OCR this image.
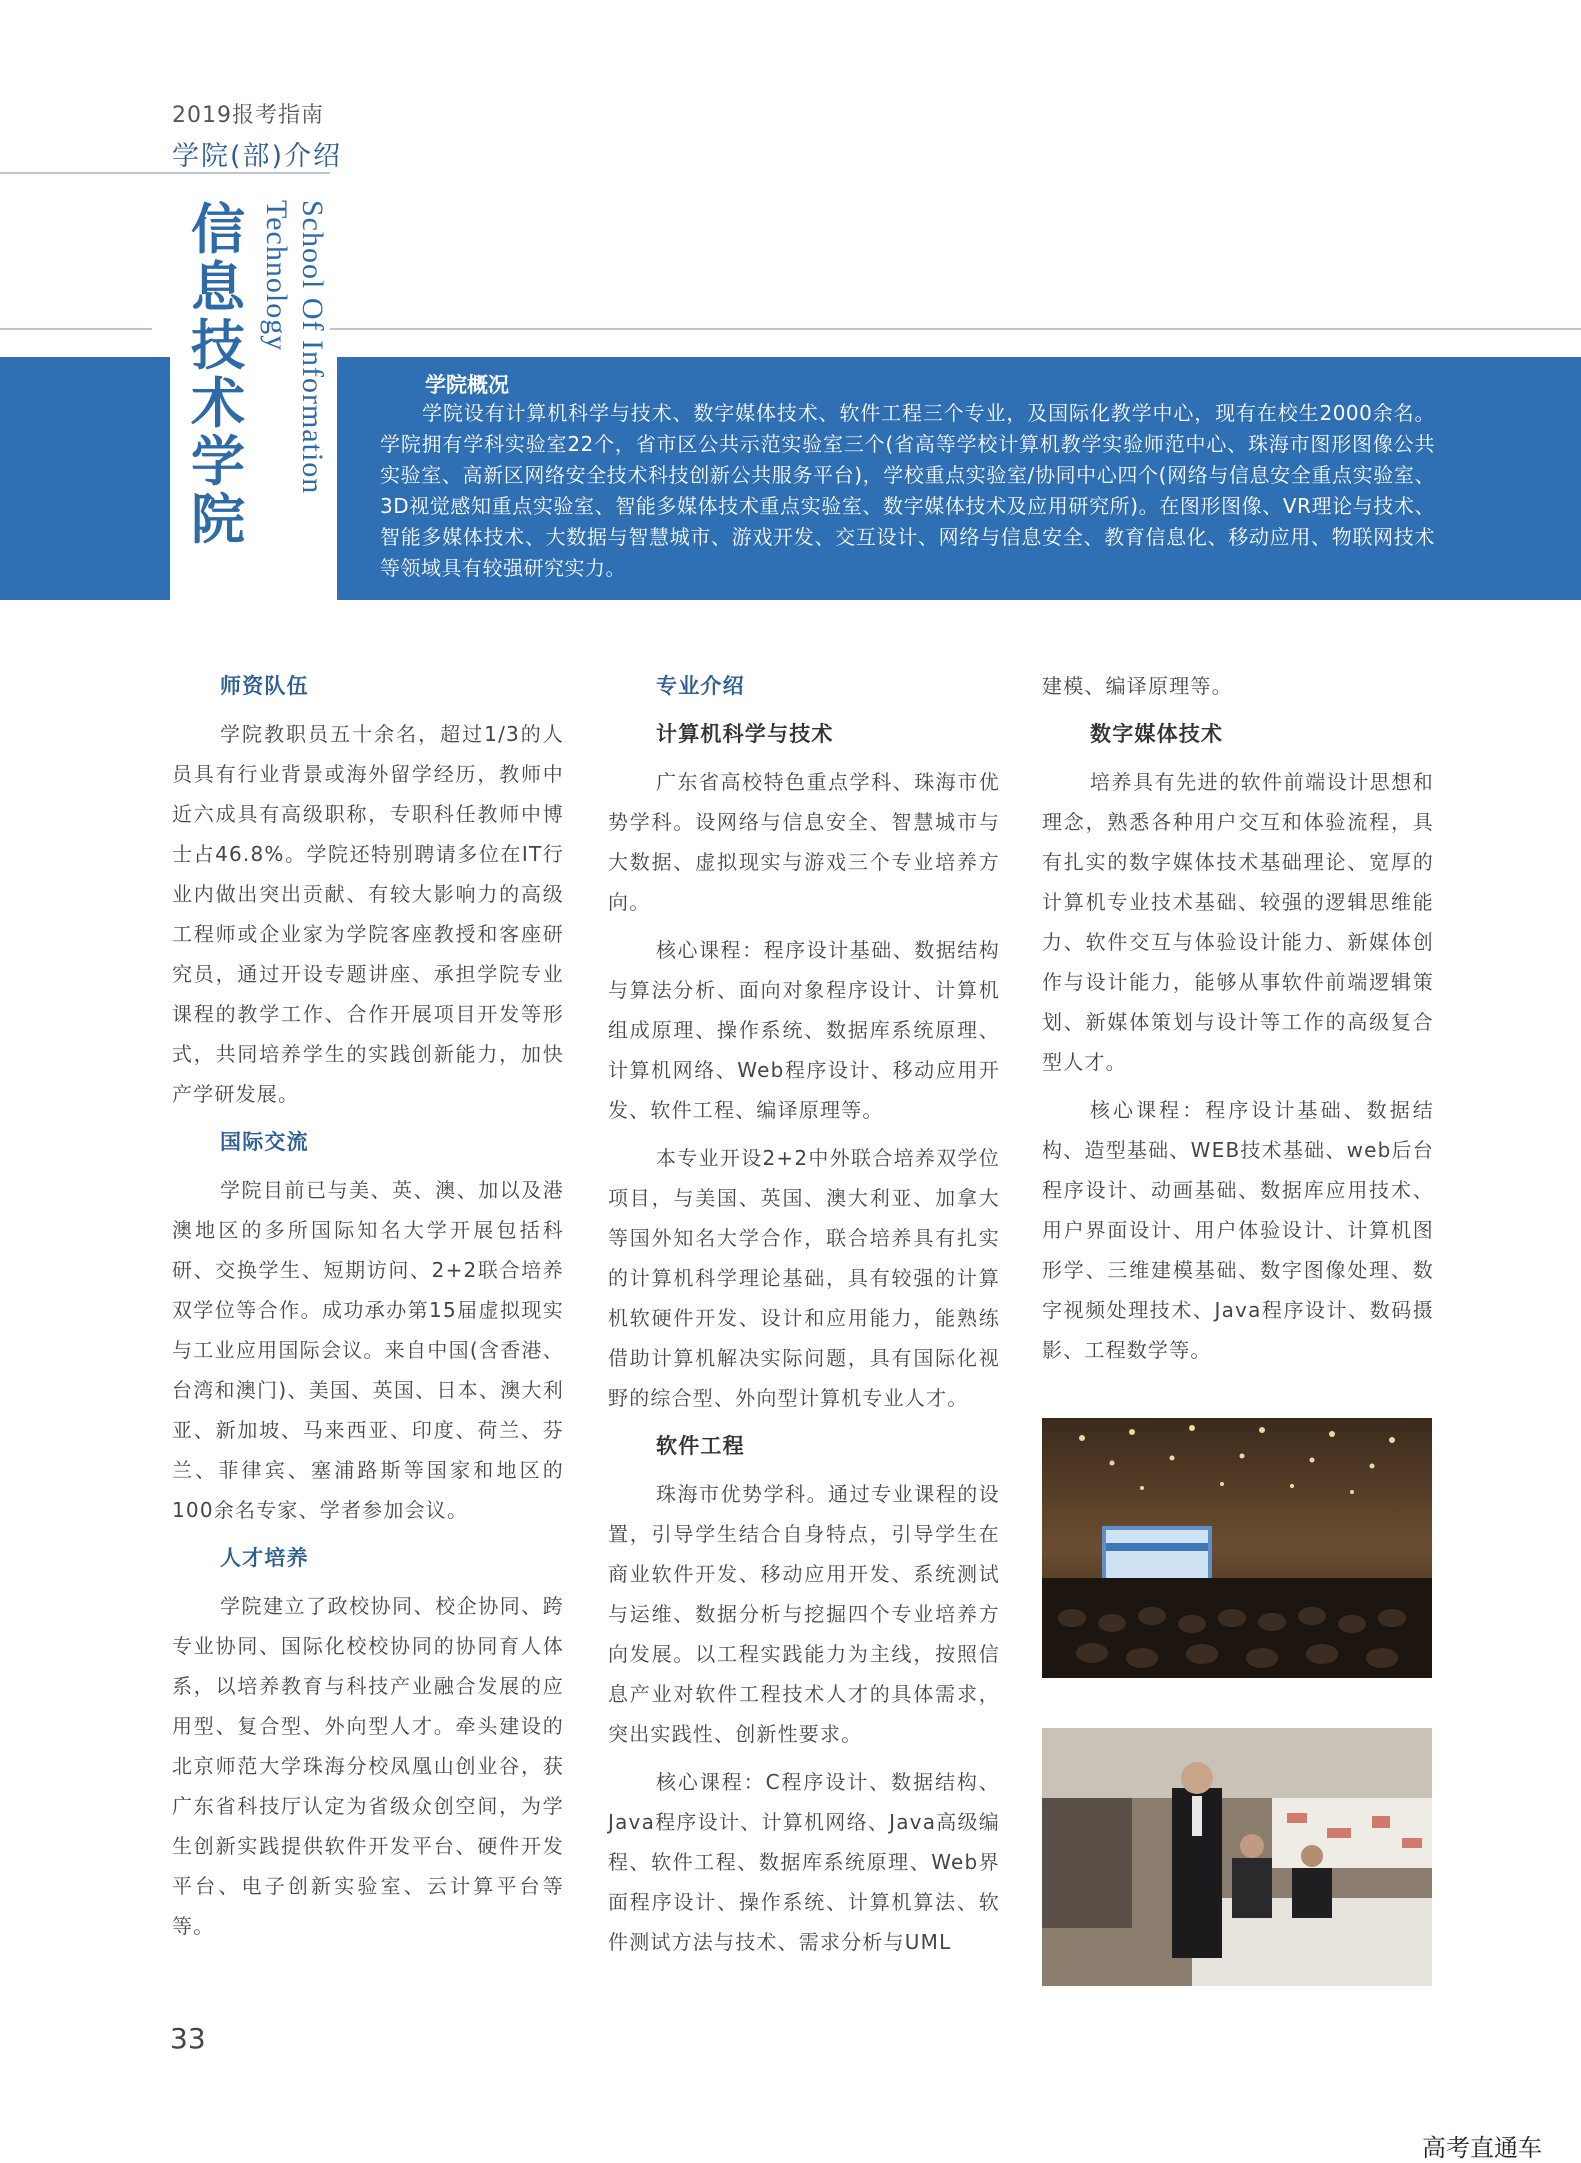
2019报考指南
学院(部)介绍
信息技术学院
School Of Information Technology
学院概况
学院设有计算机科学与技术、数字媒体技术、软件工程三个专业，及国际化教学中心，现有在校生2000余名。学院拥有学科实验室22个，省市区公共示范实验室三个(省高等学校计算机教学实验师范中心、珠海市图形图像公共实验室、高新区网络安全技术科技创新公共服务平台)，学校重点实验室/协同中心四个(网络与信息安全重点实验室、3D视觉感知重点实验室、智能多媒体技术重点实验室、数字媒体技术及应用研究所)。在图形图像、VR理论与技术、智能多媒体技术、大数据与智慧城市、游戏开发、交互设计、网络与信息安全、教育信息化、移动应用、物联网技术等领域具有较强研究实力。
师资队伍

学院教职员五十余名，超过1/3的人员具有行业背景或海外留学经历，教师中近六成具有高级职称，专职科任教师中博士占46.8%。学院还特别聘请多位在IT行业内做出突出贡献、有较大影响力的高级工程师或企业家为学院客座教授和客座研究员，通过开设专题讲座、承担学院专业课程的教学工作、合作开展项目开发等形式，共同培养学生的实践创新能力，加快产学研发展。

国际交流

学院目前已与美、英、澳、加以及港澳地区的多所国际知名大学开展包括科研、交换学生、短期访问、2+2联合培养双学位等合作。成功承办第15届虚拟现实与工业应用国际会议。来自中国(含香港、台湾和澳门)、美国、英国、日本、澳大利亚、新加坡、马来西亚、印度、荷兰、芬兰、菲律宾、塞浦路斯等国家和地区的100余名专家、学者参加会议。

人才培养

学院建立了政校协同、校企协同、跨专业协同、国际化校校协同的协同育人体系，以培养教育与科技产业融合发展的应用型、复合型、外向型人才。牵头建设的北京师范大学珠海分校凤凰山创业谷，获广东省科技厅认定为省级众创空间，为学生创新实践提供软件开发平台、硬件开发平台、电子创新实验室、云计算平台等等。

专业介绍
计算机科学与技术

广东省高校特色重点学科、珠海市优势学科。设网络与信息安全、智慧城市与大数据、虚拟现实与游戏三个专业培养方向。

核心课程：程序设计基础、数据结构与算法分析、面向对象程序设计、计算机组成原理、操作系统、数据库系统原理、计算机网络、Web程序设计、移动应用开发、软件工程、编译原理等。

本专业开设2+2中外联合培养双学位项目，与美国、英国、澳大利亚、加拿大等国外知名大学合作，联合培养具有扎实的计算机科学理论基础，具有较强的计算机软硬件开发、设计和应用能力，能熟练借助计算机解决实际问题，具有国际化视野的综合型、外向型计算机专业人才。

软件工程

珠海市优势学科。通过专业课程的设置，引导学生结合自身特点，引导学生在商业软件开发、移动应用开发、系统测试与运维、数据分析与挖掘四个专业培养方向发展。以工程实践能力为主线，按照信息产业对软件工程技术人才的具体需求，突出实践性、创新性要求。

核心课程：C程序设计、数据结构、Java程序设计、计算机网络、Java高级编程、软件工程、数据库系统原理、Web界面程序设计、操作系统、计算机算法、软件测试方法与技术、需求分析与UML

建模、编译原理等。

数字媒体技术

培养具有先进的软件前端设计思想和理念，熟悉各种用户交互和体验流程，具有扎实的数字媒体技术基础理论、宽厚的计算机专业技术基础、较强的逻辑思维能力、软件交互与体验设计能力、新媒体创作与设计能力，能够从事软件前端逻辑策划、新媒体策划与设计等工作的高级复合型人才。

核心课程：程序设计基础、数据结构、造型基础、WEB技术基础、web后台程序设计、动画基础、数据库应用技术、用户界面设计、用户体验设计、计算机图形学、三维建模基础、数字图像处理、数字视频处理技术、Java程序设计、数码摄影、工程数学等。

33
高考直通车
